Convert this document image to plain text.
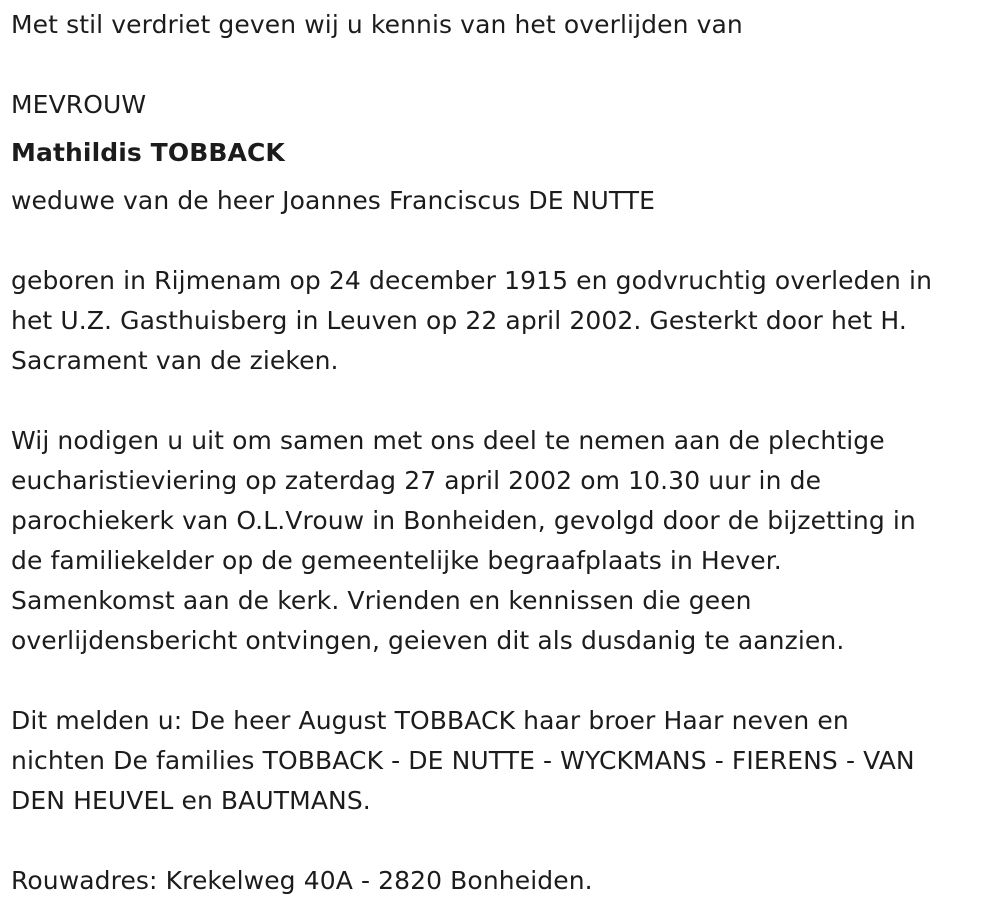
Met stil verdriet geven wij u kennis van het overlijden van
MEVROUW
Mathildis TOBBACK
weduwe van de heer Joannes Franciscus DE NUTTE
geboren in Rijmenam op 24 december 1915 en godvruchtig overleden in
het U.Z. Gasthuisberg in Leuven op 22 april 2002. Gesterkt door het H.
Sacrament van de zieken.
Wij nodigen u uit om samen met ons deel te nemen aan de plechtige
eucharistieviering op zaterdag 27 april 2002 om 10.30 uur in de
parochiekerk van O.L.Vrouw in Bonheiden, gevolgd door de bijzetting in
de familiekelder op de gemeentelijke begraafplaats in Hever.
Samenkomst aan de kerk. Vrienden en kennissen die geen
overlijdensbericht ontvingen, geieven dit als dusdanig te aanzien.
Dit melden u: De heer August TOBBACK haar broer Haar neven en
nichten De families TOBBACK - DE NUTTE - WYCKMANS - FIERENS - VAN
DEN HEUVEL en BAUTMANS.
Rouwadres: Krekelweg 40A - 2820 Bonheiden.
